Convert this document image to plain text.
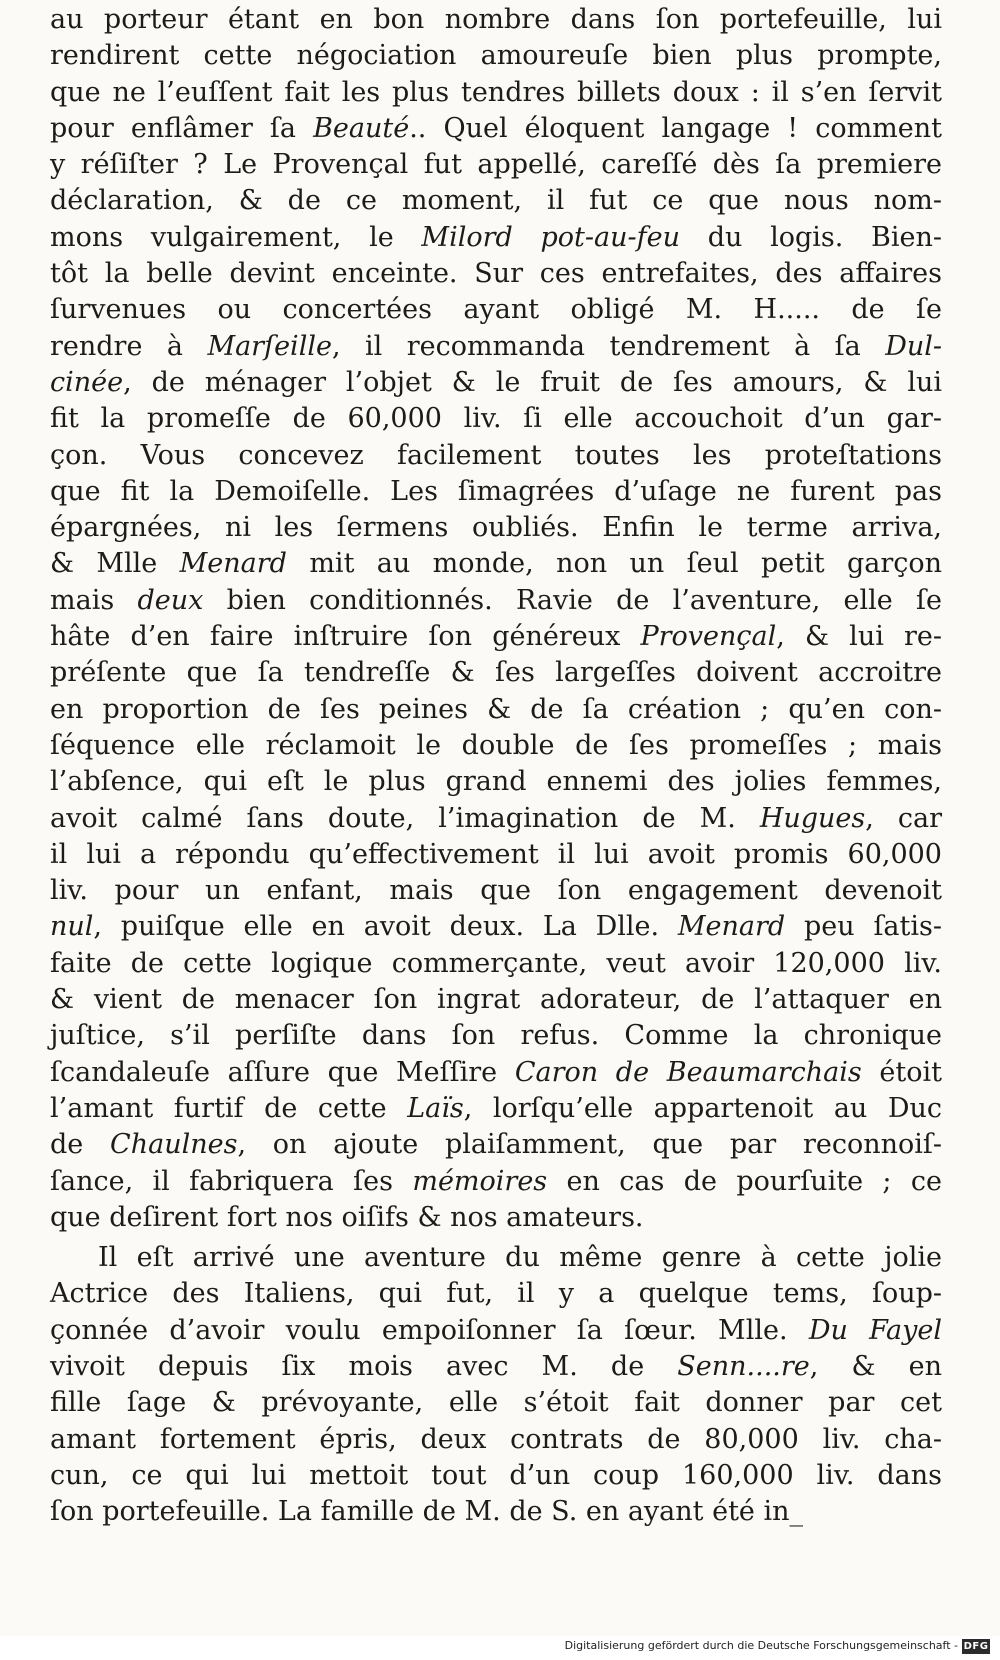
au porteur étant en bon nombre dans ſon portefeuille, lui
rendirent cette négociation amoureuſe bien plus prompte,
que ne l’euſſent fait les plus tendres billets doux : il s’en ſervit
pour enflâmer ſa Beauté.. Quel éloquent langage ! comment
y réſiſter ? Le Provençal fut appellé, careſſé dès ſa premiere
déclaration, & de ce moment, il fut ce que nous nom-
mons vulgairement, le Milord pot-au-feu du logis. Bien-
tôt la belle devint enceinte. Sur ces entrefaites, des affaires
ſurvenues ou concertées ayant obligé M. H..... de ſe
rendre à Marſeille, il recommanda tendrement à ſa Dul-
cinée, de ménager l’objet & le fruit de ſes amours, & lui
fit la promeſſe de 60,000 liv. ſi elle accouchoit d’un gar-
çon. Vous concevez facilement toutes les proteſtations
que fit la Demoiſelle. Les ſimagrées d’uſage ne furent pas
épargnées, ni les ſermens oubliés. Enfin le terme arriva,
& Mlle Menard mit au monde, non un ſeul petit garçon
mais deux bien conditionnés. Ravie de l’aventure, elle ſe
hâte d’en faire inſtruire ſon généreux Provençal, & lui re-
préſente que ſa tendreſſe & ſes largeſſes doivent accroitre
en proportion de ſes peines & de ſa création ; qu’en con-
ſéquence elle réclamoit le double de ſes promeſſes ; mais
l’abſence, qui eſt le plus grand ennemi des jolies femmes,
avoit calmé ſans doute, l’imagination de M. Hugues, car
il lui a répondu qu’effectivement il lui avoit promis 60,000
liv. pour un enfant, mais que ſon engagement devenoit
nul, puiſque elle en avoit deux. La Dlle. Menard peu ſatis-
faite de cette logique commerçante, veut avoir 120,000 liv.
& vient de menacer ſon ingrat adorateur, de l’attaquer en
juſtice, s’il perſiſte dans ſon refus. Comme la chronique
ſcandaleuſe aſſure que Meſſire Caron de Beaumarchais étoit
l’amant furtif de cette Laïs, lorſqu’elle appartenoit au Duc
de Chaulnes, on ajoute plaiſamment, que par reconnoiſ-
ſance, il fabriquera ſes mémoires en cas de pourſuite ; ce
que deſirent fort nos oiſifs & nos amateurs.
Il eſt arrivé une aventure du même genre à cette jolie
Actrice des Italiens, qui fut, il y a quelque tems, ſoup-
çonnée d’avoir voulu empoiſonner ſa ſœur. Mlle. Du Fayel
vivoit depuis ſix mois avec M. de Senn....re, & en
fille ſage & prévoyante, elle s’étoit fait donner par cet
amant fortement épris, deux contrats de 80,000 liv. cha-
cun, ce qui lui mettoit tout d’un coup 160,000 liv. dans
ſon portefeuille. La famille de M. de S. en ayant été in_
Digitalisierung gefördert durch die Deutsche Forschungsgemeinschaft - DFG
